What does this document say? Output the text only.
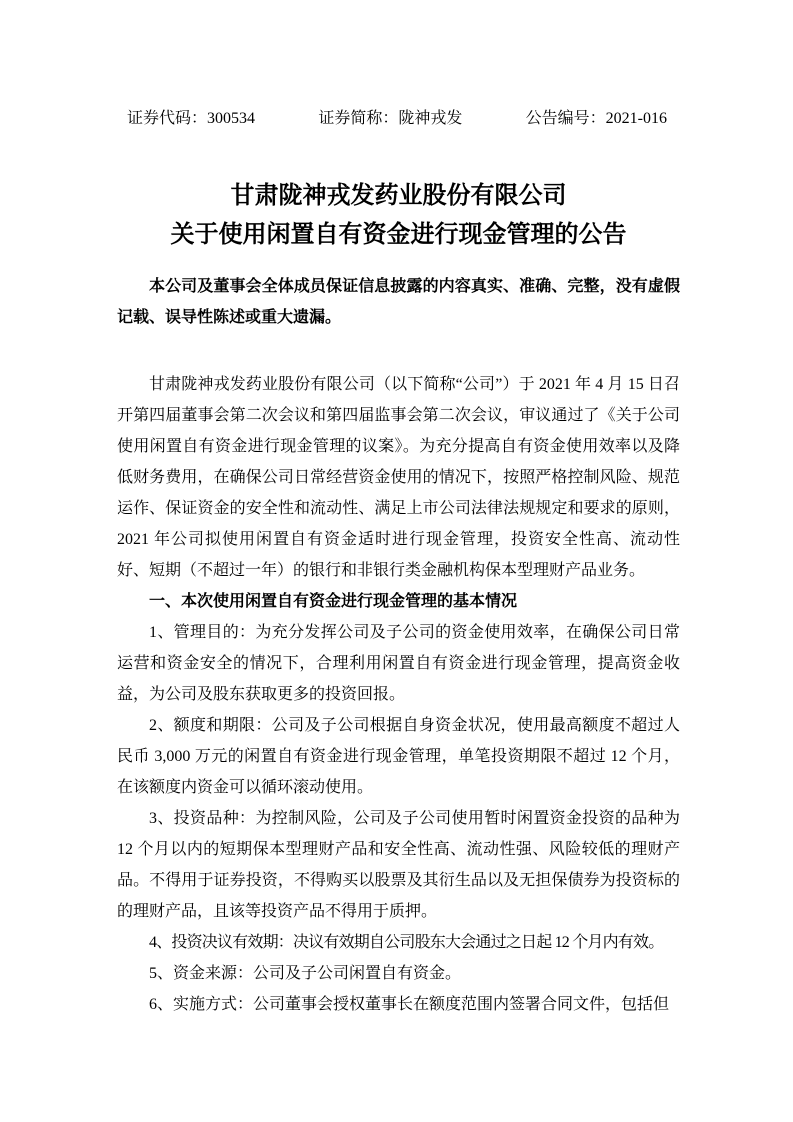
证券代码：300534	证券简称：陇神戎发	公告编号：2021-016
甘肃陇神戎发药业股份有限公司
关于使用闲置自有资金进行现金管理的公告

本公司及董事会全体成员保证信息披露的内容真实、准确、完整，没有虚假记载、误导性陈述或重大遗漏。

甘肃陇神戎发药业股份有限公司（以下简称“公司”）于 2021 年 4 月 15 日召开第四届董事会第二次会议和第四届监事会第二次会议，审议通过了《关于公司使用闲置自有资金进行现金管理的议案》。为充分提高自有资金使用效率以及降低财务费用，在确保公司日常经营资金使用的情况下，按照严格控制风险、规范运作、保证资金的安全性和流动性、满足上市公司法律法规规定和要求的原则，2021 年公司拟使用闲置自有资金适时进行现金管理，投资安全性高、流动性好、短期（不超过一年）的银行和非银行类金融机构保本型理财产品业务。

一、本次使用闲置自有资金进行现金管理的基本情况

1、管理目的：为充分发挥公司及子公司的资金使用效率，在确保公司日常运营和资金安全的情况下，合理利用闲置自有资金进行现金管理，提高资金收益，为公司及股东获取更多的投资回报。

2、额度和期限：公司及子公司根据自身资金状况，使用最高额度不超过人民币 3,000 万元的闲置自有资金进行现金管理，单笔投资期限不超过 12 个月，在该额度内资金可以循环滚动使用。

3、投资品种：为控制风险，公司及子公司使用暂时闲置资金投资的品种为 12 个月以内的短期保本型理财产品和安全性高、流动性强、风险较低的理财产品。不得用于证券投资，不得购买以股票及其衍生品以及无担保债券为投资标的的理财产品，且该等投资产品不得用于质押。

4、投资决议有效期：决议有效期自公司股东大会通过之日起 12 个月内有效。

5、资金来源：公司及子公司闲置自有资金。

6、实施方式：公司董事会授权董事长在额度范围内签署合同文件，包括但
